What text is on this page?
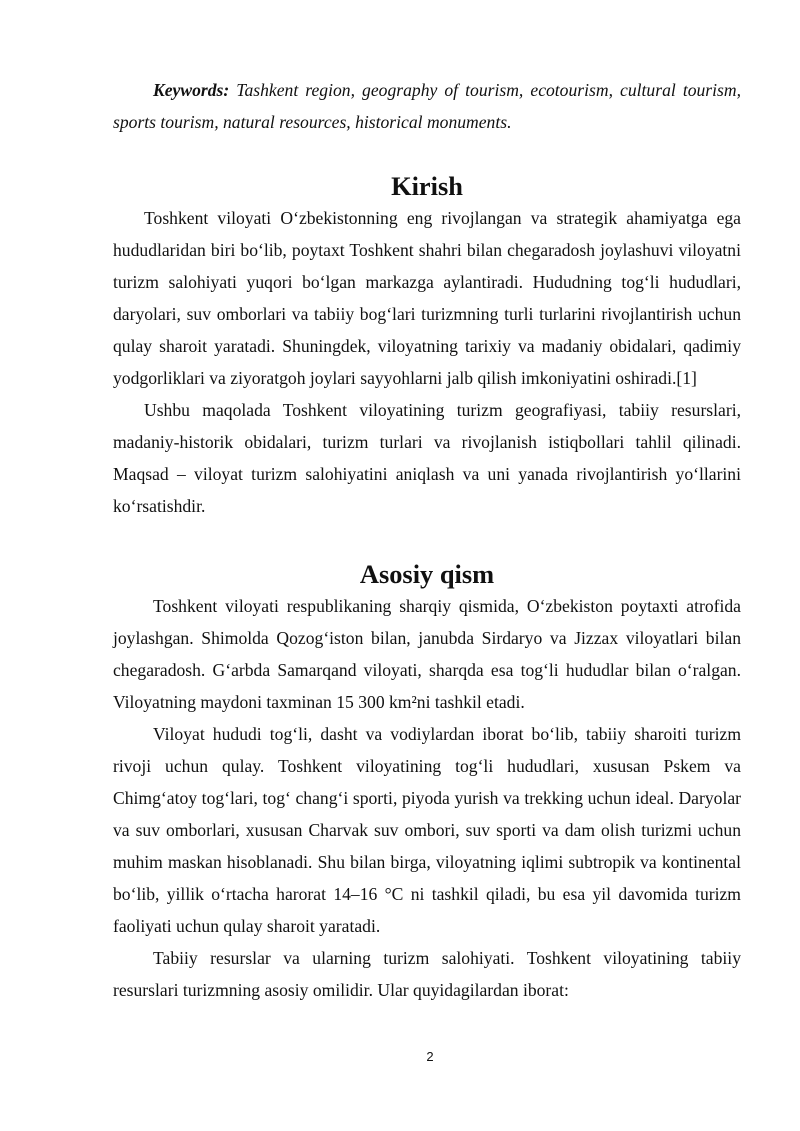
Keywords: Tashkent region, geography of tourism, ecotourism, cultural tourism, sports tourism, natural resources, historical monuments.

Kirish

Toshkent viloyati O‘zbekistonning eng rivojlangan va strategik ahamiyatga ega hududlaridan biri bo‘lib, poytaxt Toshkent shahri bilan chegaradosh joylashuvi viloyatni turizm salohiyati yuqori bo‘lgan markazga aylantiradi. Hududning tog‘li hududlari, daryolari, suv omborlari va tabiiy bog‘lari turizmning turli turlarini rivojlantirish uchun qulay sharoit yaratadi. Shuningdek, viloyatning tarixiy va madaniy obidalari, qadimiy yodgorliklari va ziyoratgoh joylari sayyohlarni jalb qilish imkoniyatini oshiradi.[1]

Ushbu maqolada Toshkent viloyatining turizm geografiyasi, tabiiy resurslari, madaniy-historik obidalari, turizm turlari va rivojlanish istiqbollari tahlil qilinadi. Maqsad – viloyat turizm salohiyatini aniqlash va uni yanada rivojlantirish yo‘llarini ko‘rsatishdir.

Asosiy qism

Toshkent viloyati respublikaning sharqiy qismida, O‘zbekiston poytaxti atrofida joylashgan. Shimolda Qozog‘iston bilan, janubda Sirdaryo va Jizzax viloyatlari bilan chegaradosh. G‘arbda Samarqand viloyati, sharqda esa tog‘li hududlar bilan o‘ralgan. Viloyatning maydoni taxminan 15 300 km²ni tashkil etadi.

Viloyat hududi tog‘li, dasht va vodiylardan iborat bo‘lib, tabiiy sharoiti turizm rivoji uchun qulay. Toshkent viloyatining tog‘li hududlari, xususan Pskem va Chimg‘atoy tog‘lari, tog‘ chang‘i sporti, piyoda yurish va trekking uchun ideal. Daryolar va suv omborlari, xususan Charvak suv ombori, suv sporti va dam olish turizmi uchun muhim maskan hisoblanadi. Shu bilan birga, viloyatning iqlimi subtropik va kontinental bo‘lib, yillik o‘rtacha harorat 14–16 °C ni tashkil qiladi, bu esa yil davomida turizm faoliyati uchun qulay sharoit yaratadi.

Tabiiy resurslar va ularning turizm salohiyati. Toshkent viloyatining tabiiy resurslari turizmning asosiy omilidir. Ular quyidagilardan iborat:

2
